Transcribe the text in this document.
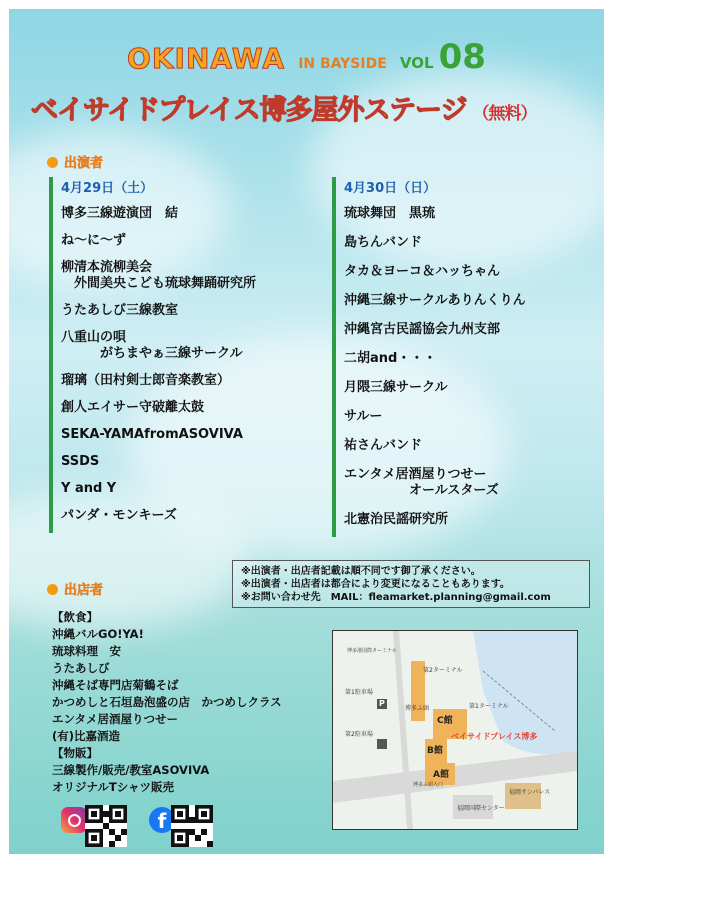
OKINAWA IN BAYSIDE VOL 08
ベイサイドプレイス博多屋外ステージ （無料）
出演者
4月29日（土）
博多三線遊演団　結
ね〜に〜ず
柳清本流柳美会
　外間美央こども琉球舞踊研究所
うたあしび三線教室
八重山の唄
　　　がちまやぁ三線サークル
瑠璃（田村剣士郎音楽教室）
創人エイサー守破離太鼓
SEKA-YAMAfromASOVIVA
SSDS
Y and Y
パンダ・モンキーズ
4月30日（日）
琉球舞団　黒琉
島ちんバンド
タカ＆ヨーコ＆ハッちゃん
沖縄三線サークルありんくりん
沖縄宮古民謡協会九州支部
二胡and・・・
月隈三線サークル
サルー
祐さんバンド
エンタメ居酒屋りつせー
　　　　　オールスターズ
北憲治民謡研究所
出店者
【飲食】
沖縄バルGO!YA!
琉球料理　安
うたあしび
沖縄そば専門店菊鶴そば
かつめしと石垣島泡盛の店　かつめしクラス
エンタメ居酒屋りつせー
(有)比嘉酒造
【物販】
三線製作/販売/教室ASOVIVA
オリジナルTシャツ販売
f
※出演者・出店者記載は順不同です御了承ください。
※出演者・出店者は都合により変更になることもあります。
※お問い合わせ先　MAIL：fleamarket.planning@gmail.com
C館
B館
A館
ベイサイドプレイス博多
第2ターミナル
第1ターミナル
第1駐車場
第2駐車場
博多港国際ターミナル
福岡サンパレス
福岡国際センター
博多ふ頭
博多ふ頭入口
P
